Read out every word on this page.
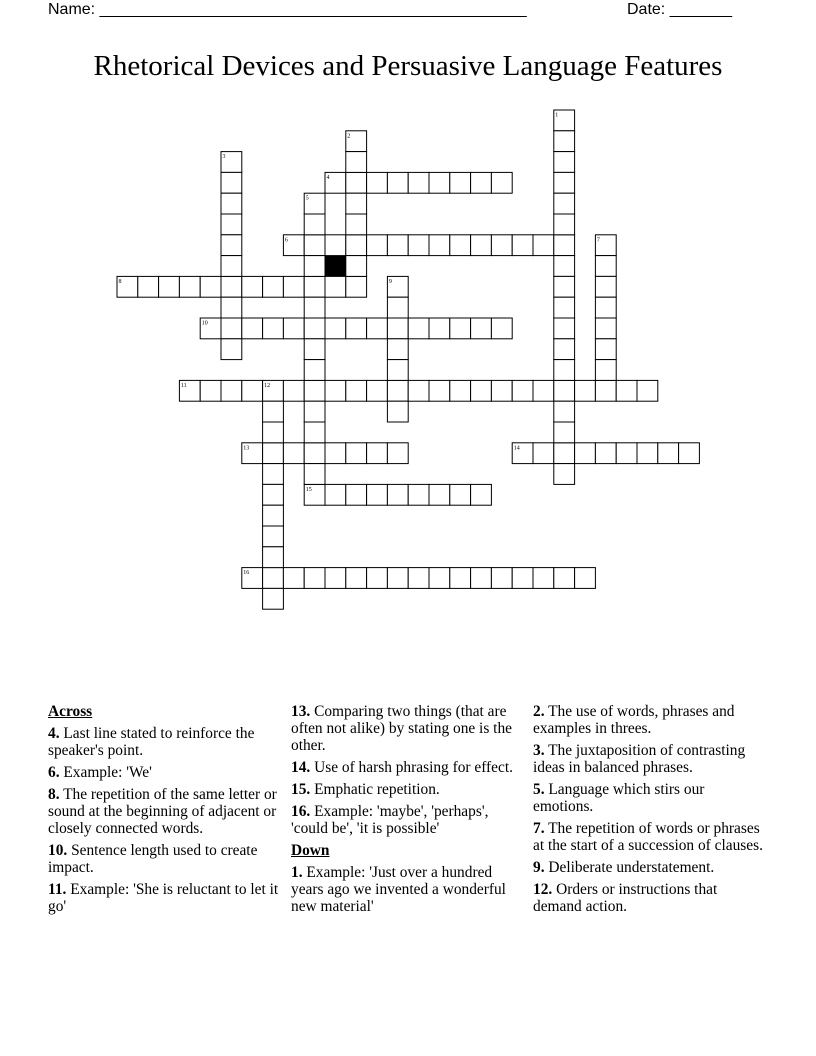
Name: ________________________________________________	Date: _______
Rhetorical Devices and Persuasive Language Features
4
6
8
10
11
13	14
15
16
1
2
3
5
7
9
12
Across
4. Last line stated to reinforce the speaker's point.
6. Example: 'We'
8. The repetition of the same letter or sound at the beginning of adjacent or closely connected words.
10. Sentence length used to create impact.
11. Example: 'She is reluctant to let it go'
13. Comparing two things (that are often not alike) by stating one is the other.
14. Use of harsh phrasing for effect.
15. Emphatic repetition.
16. Example: 'maybe', 'perhaps', 'could be', 'it is possible'
Down
1. Example: 'Just over a hundred years ago we invented a wonderful new material'
2. The use of words, phrases and examples in threes.
3. The juxtaposition of contrasting ideas in balanced phrases.
5. Language which stirs our emotions.
7. The repetition of words or phrases at the start of a succession of clauses.
9. Deliberate understatement.
12. Orders or instructions that demand action.
